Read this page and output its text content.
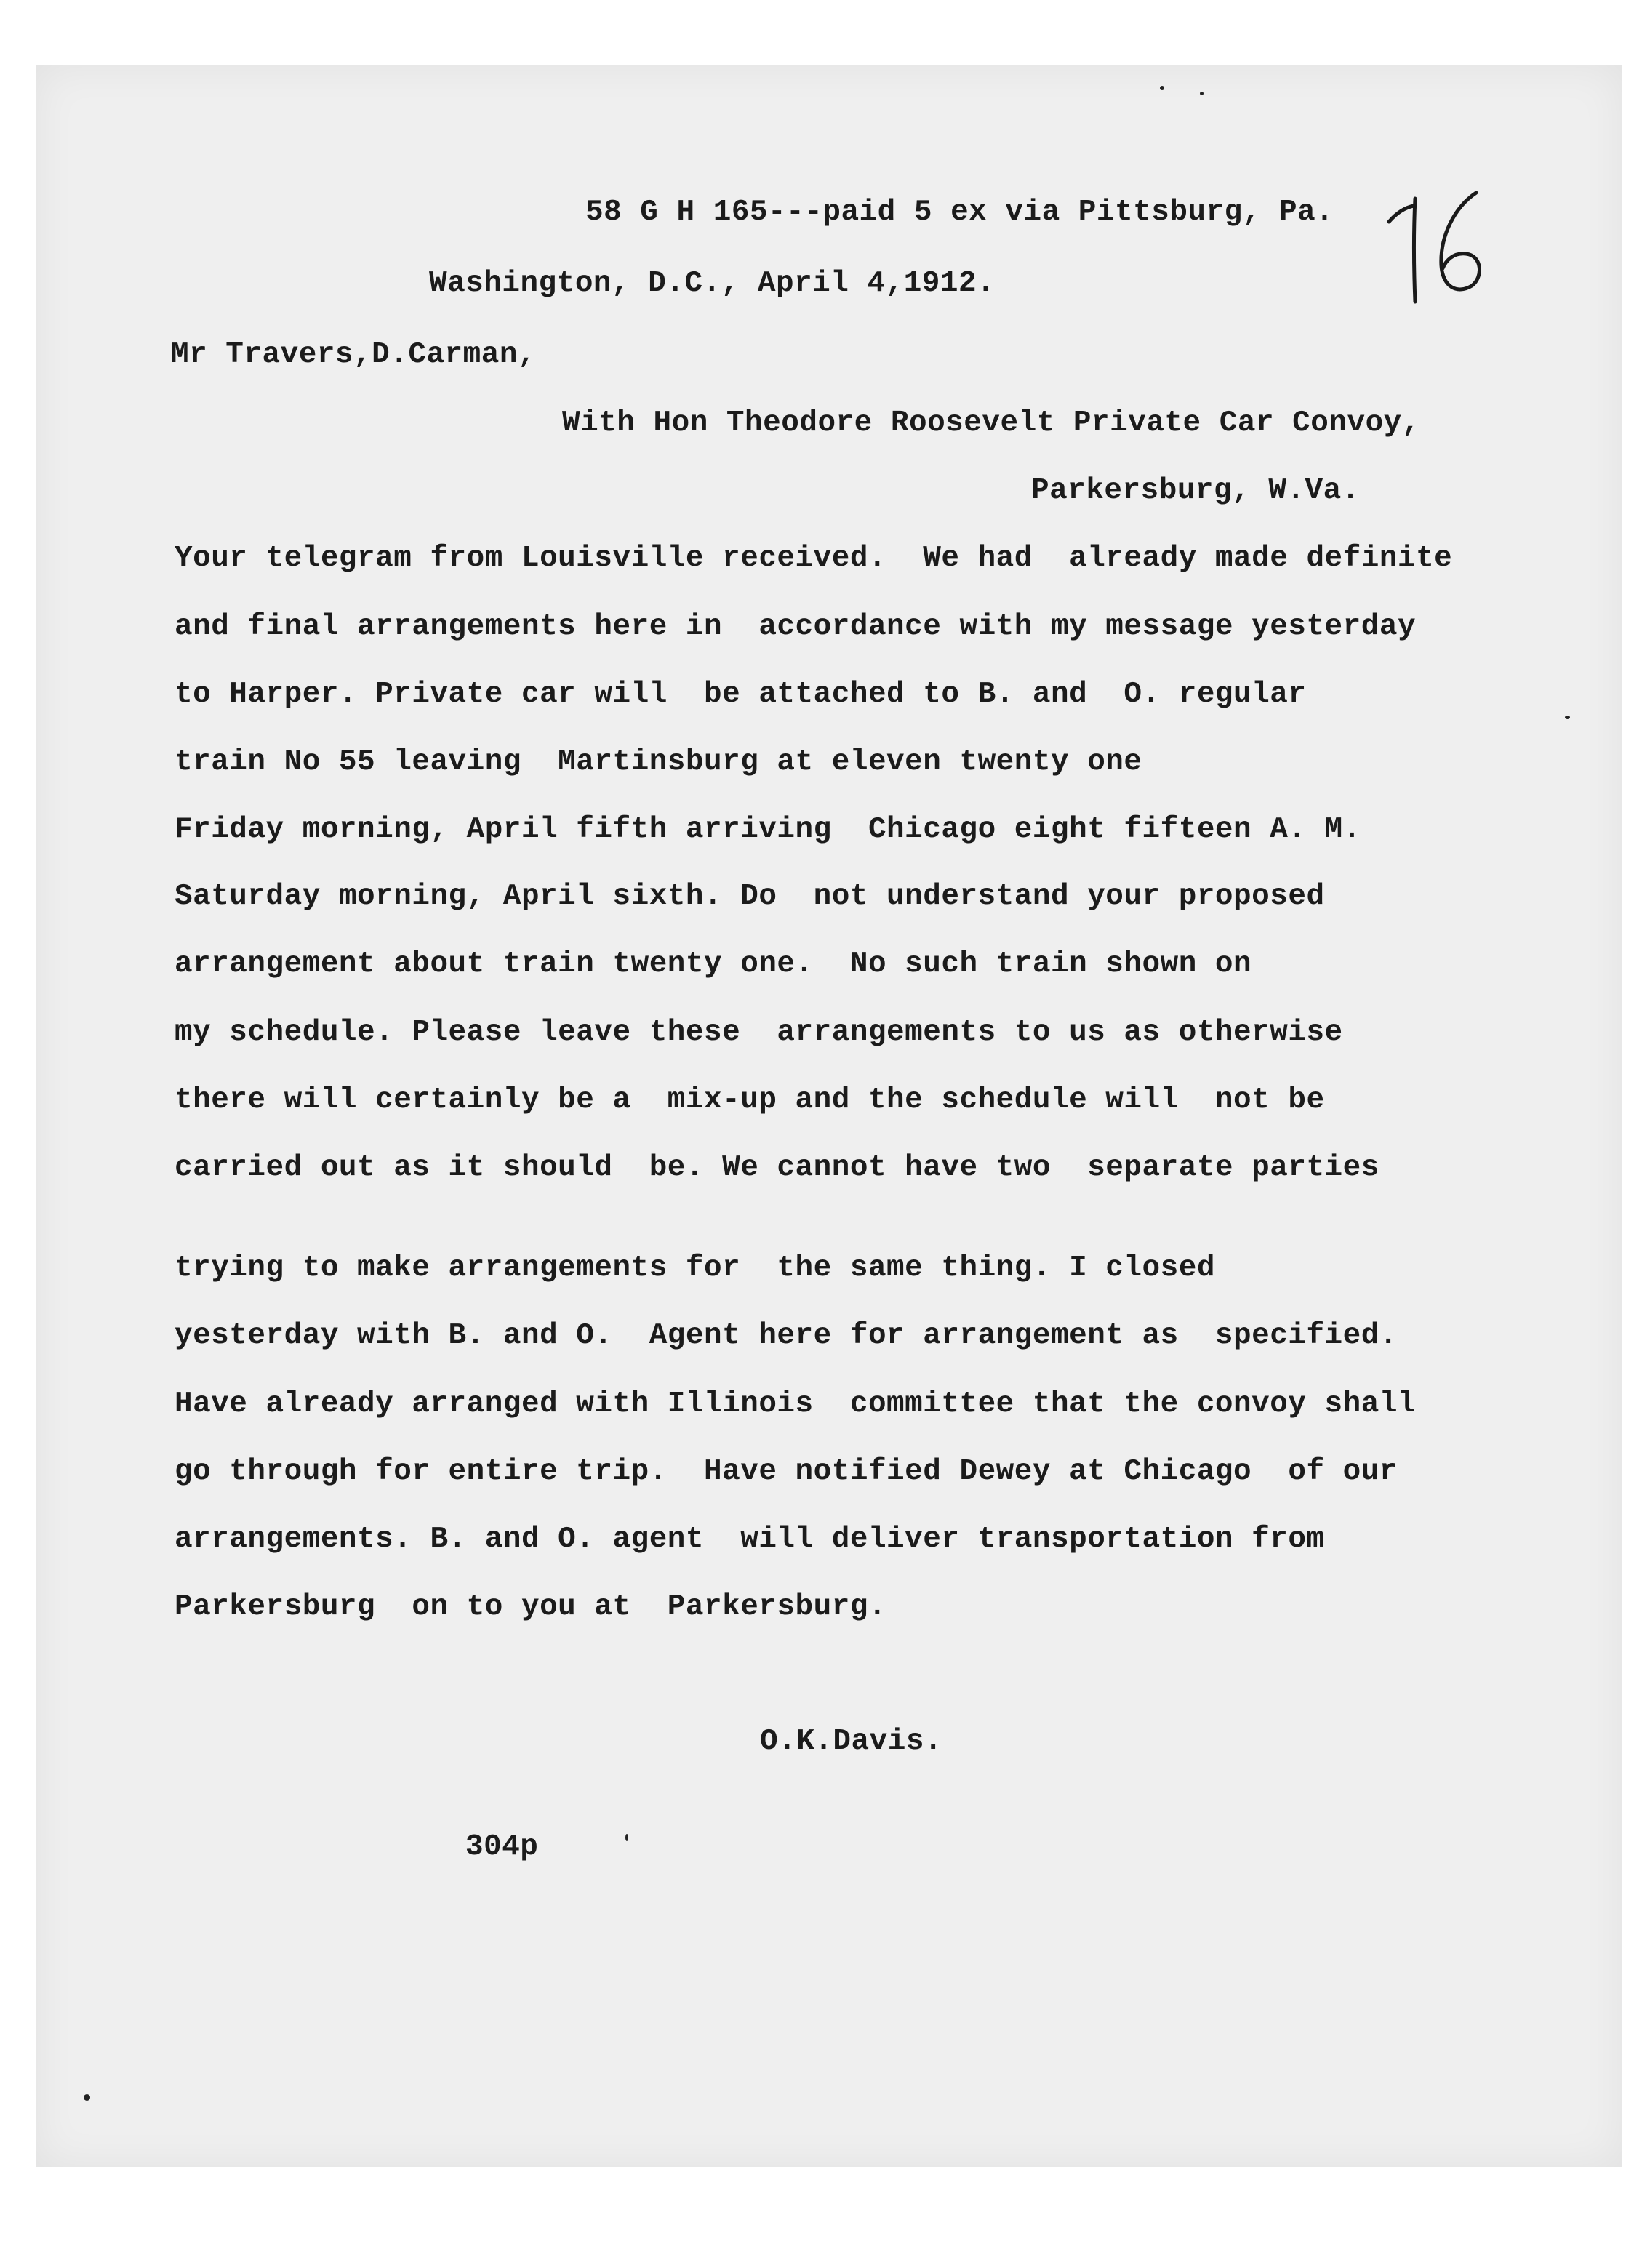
58 G H 165---paid 5 ex via Pittsburg, Pa.
Washington, D.C., April 4,1912.
Mr Travers,D.Carman,
With Hon Theodore Roosevelt Private Car Convoy,
Parkersburg, W.Va.
Your telegram from Louisville received.  We had  already made definite
and final arrangements here in  accordance with my message yesterday
to Harper. Private car will  be attached to B. and  O. regular
train No 55 leaving  Martinsburg at eleven twenty one
Friday morning, April fifth arriving  Chicago eight fifteen A. M.
Saturday morning, April sixth. Do  not understand your proposed
arrangement about train twenty one.  No such train shown on
my schedule. Please leave these  arrangements to us as otherwise
there will certainly be a  mix-up and the schedule will  not be
carried out as it should  be. We cannot have two  separate parties
trying to make arrangements for  the same thing. I closed
yesterday with B. and O.  Agent here for arrangement as  specified.
Have already arranged with Illinois  committee that the convoy shall
go through for entire trip.  Have notified Dewey at Chicago  of our
arrangements. B. and O. agent  will deliver transportation from
Parkersburg  on to you at  Parkersburg.
O.K.Davis.
304p
